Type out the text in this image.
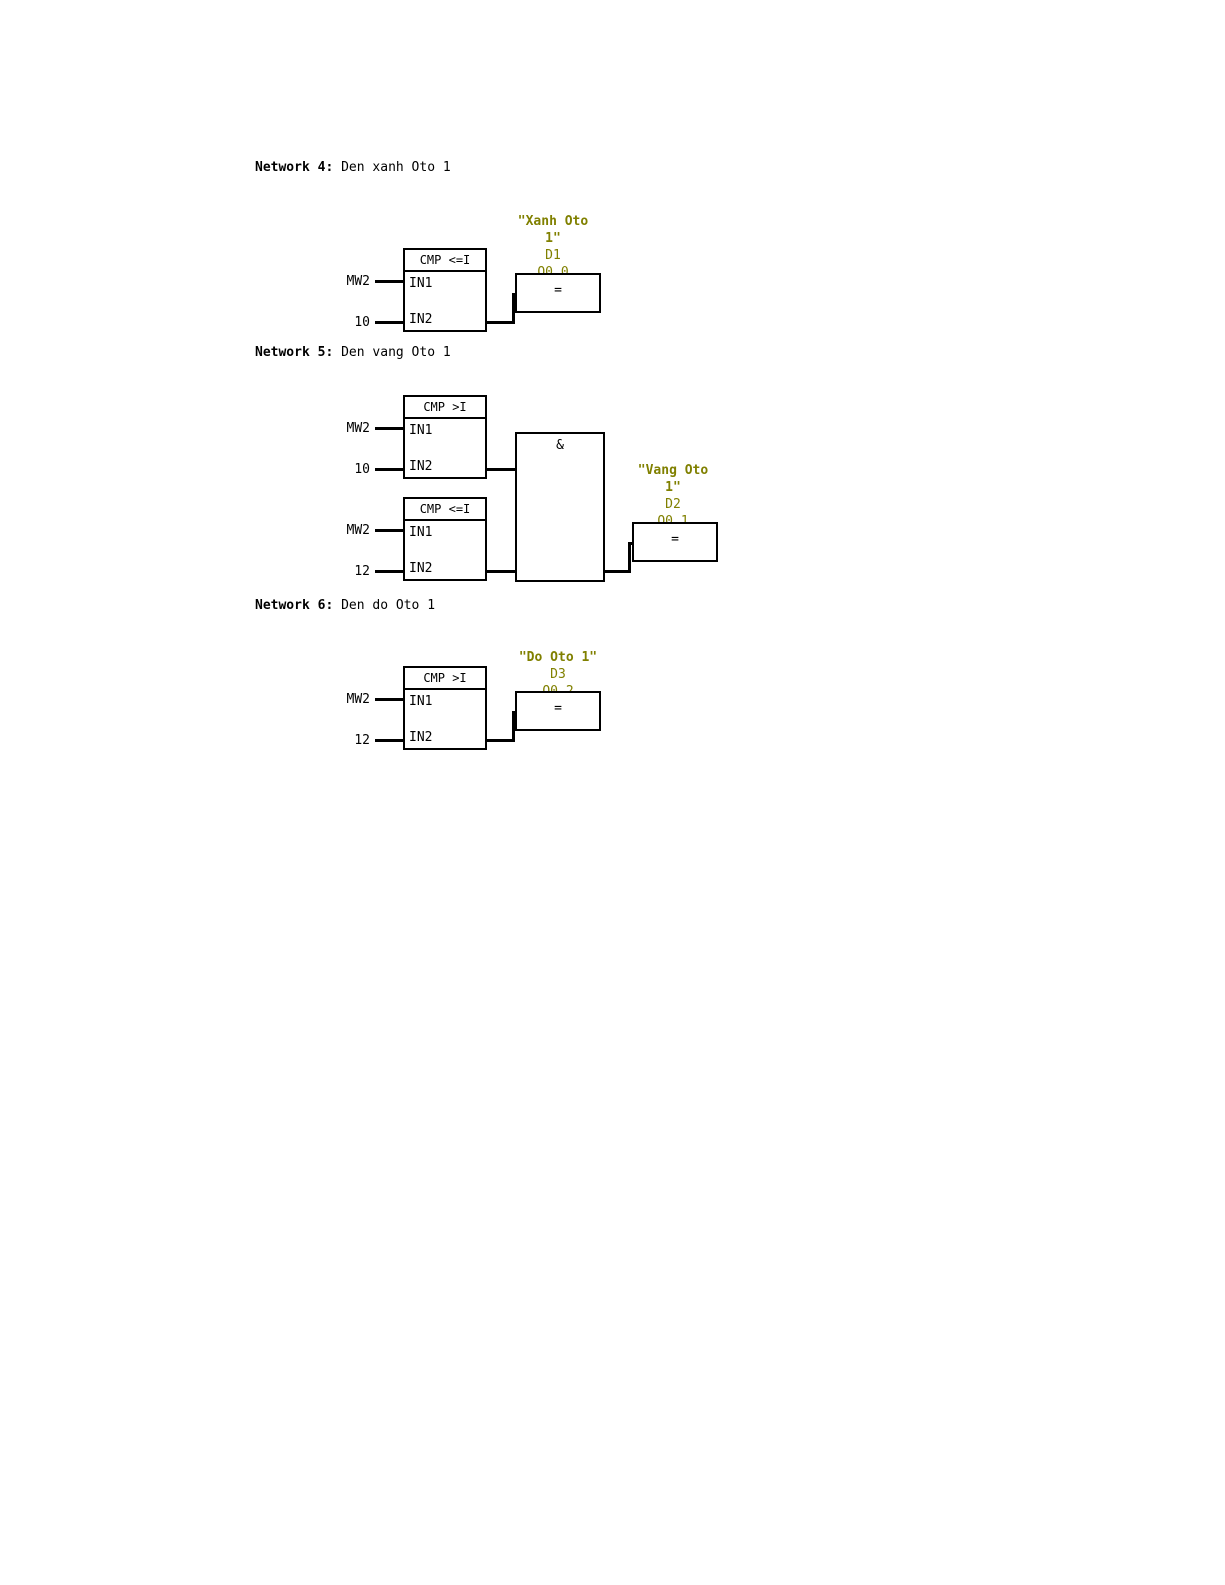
Network 4: Den xanh Oto 1
"Xanh Oto
1"
D1
CMP <=I
IN1
IN2
MW2
10
=
Network 5: Den vang Oto 1
CMP >I
IN1
IN2
MW2
10
CMP <=I
IN1
IN2
MW2
12
&
"Vang Oto
1"
D2
=
Network 6: Den do Oto 1
"Do Oto 1"
D3
CMP >I
IN1
IN2
MW2
12
=
